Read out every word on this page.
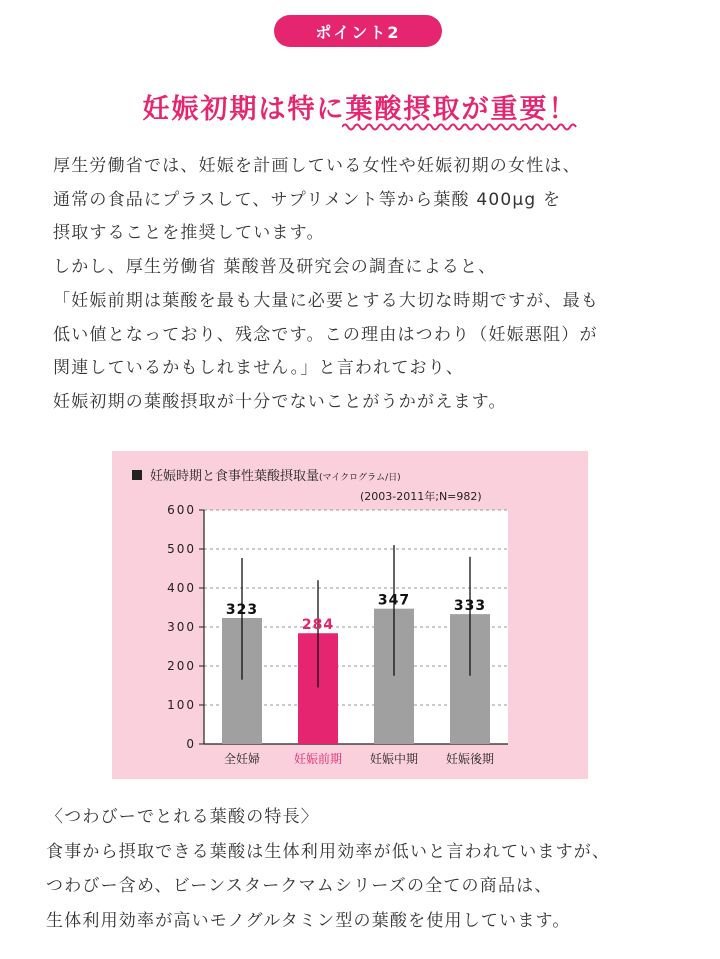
ポイント2
妊娠初期は特に葉酸摂取が重要！
厚生労働省では、妊娠を計画している女性や妊娠初期の女性は、
通常の食品にプラスして、サプリメント等から葉酸 400μg を
摂取することを推奨しています。
しかし、厚生労働省 葉酸普及研究会の調査によると、
「妊娠前期は葉酸を最も大量に必要とする大切な時期ですが、最も
低い値となっており、残念です。この理由はつわり（妊娠悪阻）が
関連しているかもしれません。」と言われており、
妊娠初期の葉酸摂取が十分でないことがうかがえます。
妊娠時期と食事性葉酸摂取量(マイクログラム/日)
(2003-2011年;N=982)
0
100
200
300
400
500
600
323
全妊婦
284
妊娠前期
347
妊娠中期
333
妊娠後期
〈つわびーでとれる葉酸の特長〉
食事から摂取できる葉酸は生体利用効率が低いと言われていますが、
つわびー含め、ビーンスタークマムシリーズの全ての商品は、
生体利用効率が高いモノグルタミン型の葉酸を使用しています。
